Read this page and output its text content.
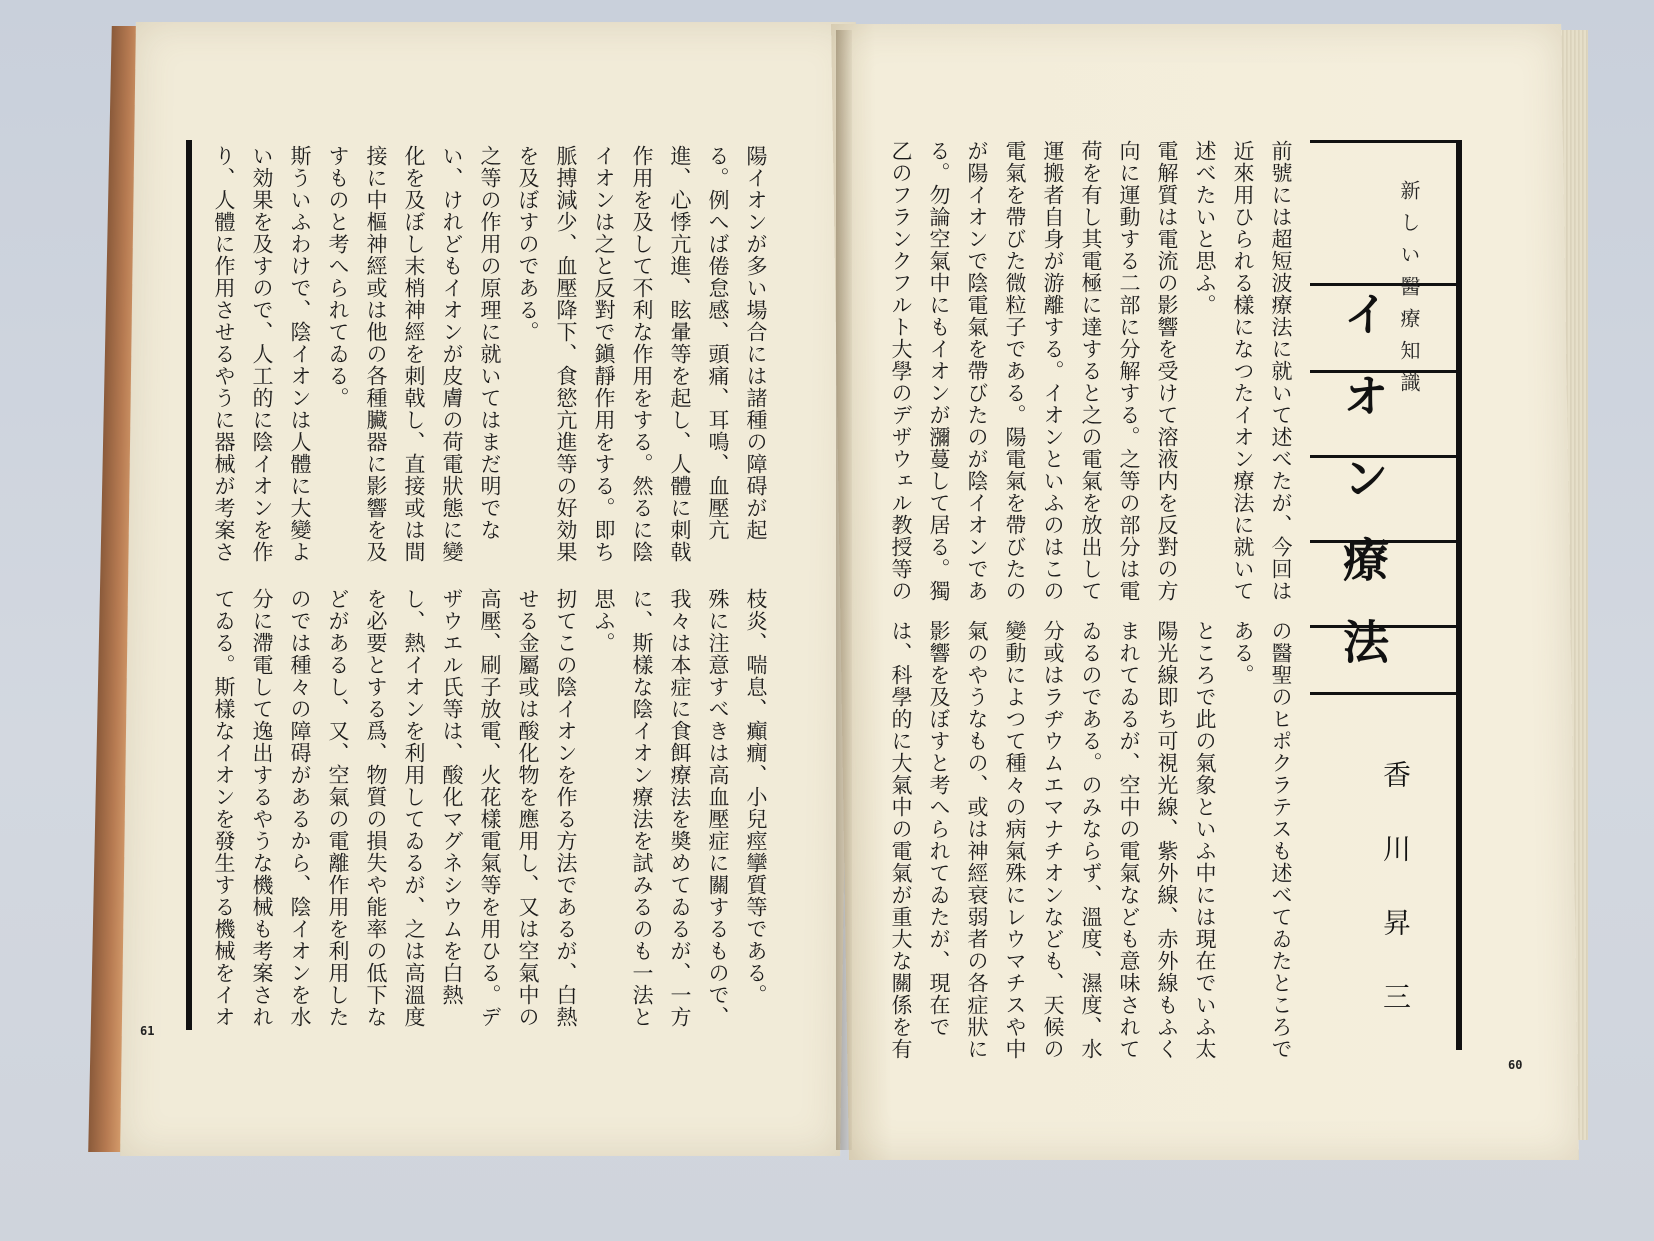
陽イオンが多い場合には諸種の障碍が起る。例へば倦怠感、頭痛、耳鳴、血壓亢進、心悸亢進、眩暈等を起し、人體に刺戟作用を及して不利な作用をする。然るに陰イオンは之と反對で鎭靜作用をする。即ち脈搏減少、血壓降下、食慾亢進等の好効果を及ぼすのである。
之等の作用の原理に就いてはまだ明でない、けれどもイオンが皮膚の荷電狀態に變化を及ぼし末梢神經を刺戟し、直接或は間接に中樞神經或は他の各種臟器に影響を及すものと考へられてゐる。
斯ういふわけで、陰イオンは人體に大變よい効果を及すので、人工的に陰イオンを作り、人體に作用させるやうに器械が考案さ

枝炎、喘息、癲癇、小兒痙攣質等である。
殊に注意すべきは高血壓症に關するもので、我々は本症に食餌療法を奬めてゐるが、一方に、斯樣な陰イオン療法を試みるのも一法と思ふ。
扨てこの陰イオンを作る方法であるが、白熱せる金屬或は酸化物を應用し、又は空氣中の高壓、刷子放電、火花樣電氣等を用ひる。デザウエル氏等は、酸化マグネシウムを白熱し、熱イオンを利用してゐるが、之は高溫度を必要とする爲、物質の損失や能率の低下などがあるし、又、空氣の電離作用を利用したのでは種々の障碍があるから、陰イオンを水分に滯電して逸出するやうな機械も考案されてゐる。斯樣なイオンを發生する機械をイオ

61
前號には超短波療法に就いて述べたが、今回は近來用ひられる樣になつたイオン療法に就いて述べたいと思ふ。
電解質は電流の影響を受けて溶液内を反對の方向に運動する二部に分解する。之等の部分は電荷を有し其電極に達すると之の電氣を放出して運搬者自身が游離する。イオンといふのはこの電氣を帶びた微粒子である。陽電氣を帶びたのが陽イオンで陰電氣を帶びたのが陰イオンである。勿論空氣中にもイオンが瀰蔓して居る。獨乙のフランクフルト大學のデザウェル教授等の
の醫聖のヒポクラテスも述べてゐたところである。
ところで此の氣象といふ中には現在でいふ太陽光線即ち可視光線、紫外線、赤外線もふくまれてゐるが、空中の電氣なども意味されてゐるのである。のみならず、溫度、濕度、水分或はラヂウムエマナチオンなども、天候の變動によつて種々の病氣殊にレウマチスや中氣のやうなもの、或は神經衰弱者の各症狀に影響を及ぼすと考へられてゐたが、現在では、科學的に大氣中の電氣が重大な關係を有

新しい醫療知識
イオン療法
香川昇三
60
